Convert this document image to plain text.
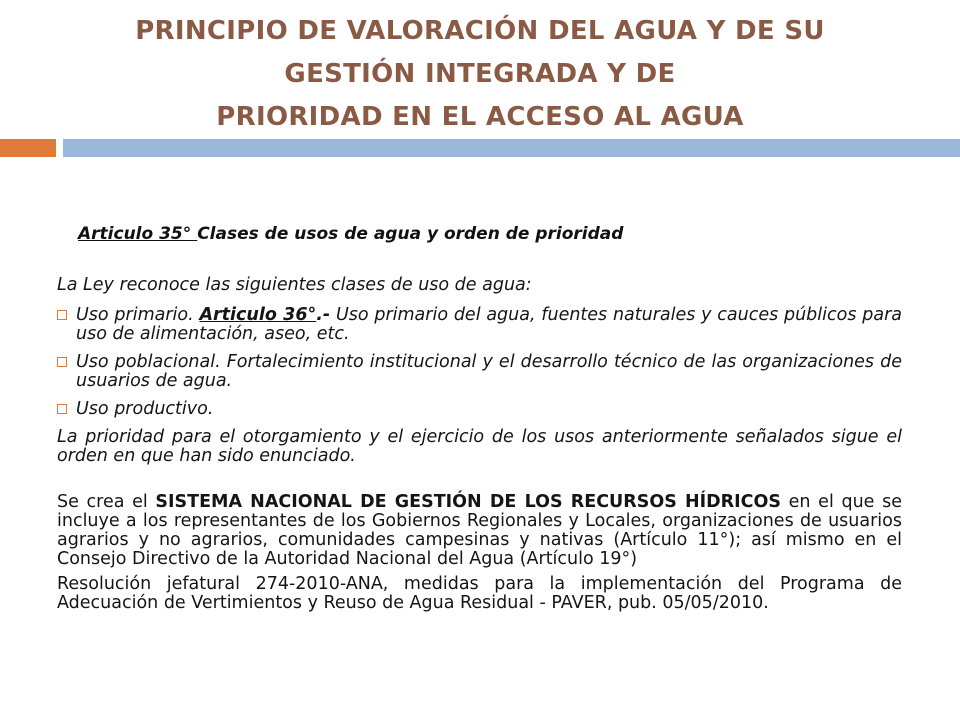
PRINCIPIO DE VALORACIÓN DEL AGUA Y DE SU
GESTIÓN INTEGRADA Y DE
PRIORIDAD EN EL ACCESO AL AGUA
Articulo 35° Clases de usos de agua y orden de prioridad

La Ley reconoce las siguientes clases de uso de agua:

Uso primario. Articulo 36°.- Uso primario del agua, fuentes naturales y cauces públicos para uso de alimentación, aseo, etc.
Uso poblacional. Fortalecimiento institucional y el desarrollo técnico de las organizaciones de usuarios de agua.
Uso productivo.

La prioridad para el otorgamiento y el ejercicio de los usos anteriormente señalados sigue el orden en que han sido enunciado.

Se crea el SISTEMA NACIONAL DE GESTIÓN DE LOS RECURSOS HÍDRICOS en el que se incluye a los representantes de los Gobiernos Regionales y Locales, organizaciones de usuarios agrarios y no agrarios, comunidades campesinas y nativas (Artículo 11°); así mismo en el Consejo Directivo de la Autoridad Nacional del Agua (Artículo 19°)

Resolución jefatural 274-2010-ANA, medidas para la implementación del Programa de Adecuación de Vertimientos y Reuso de Agua Residual - PAVER, pub. 05/05/2010.
